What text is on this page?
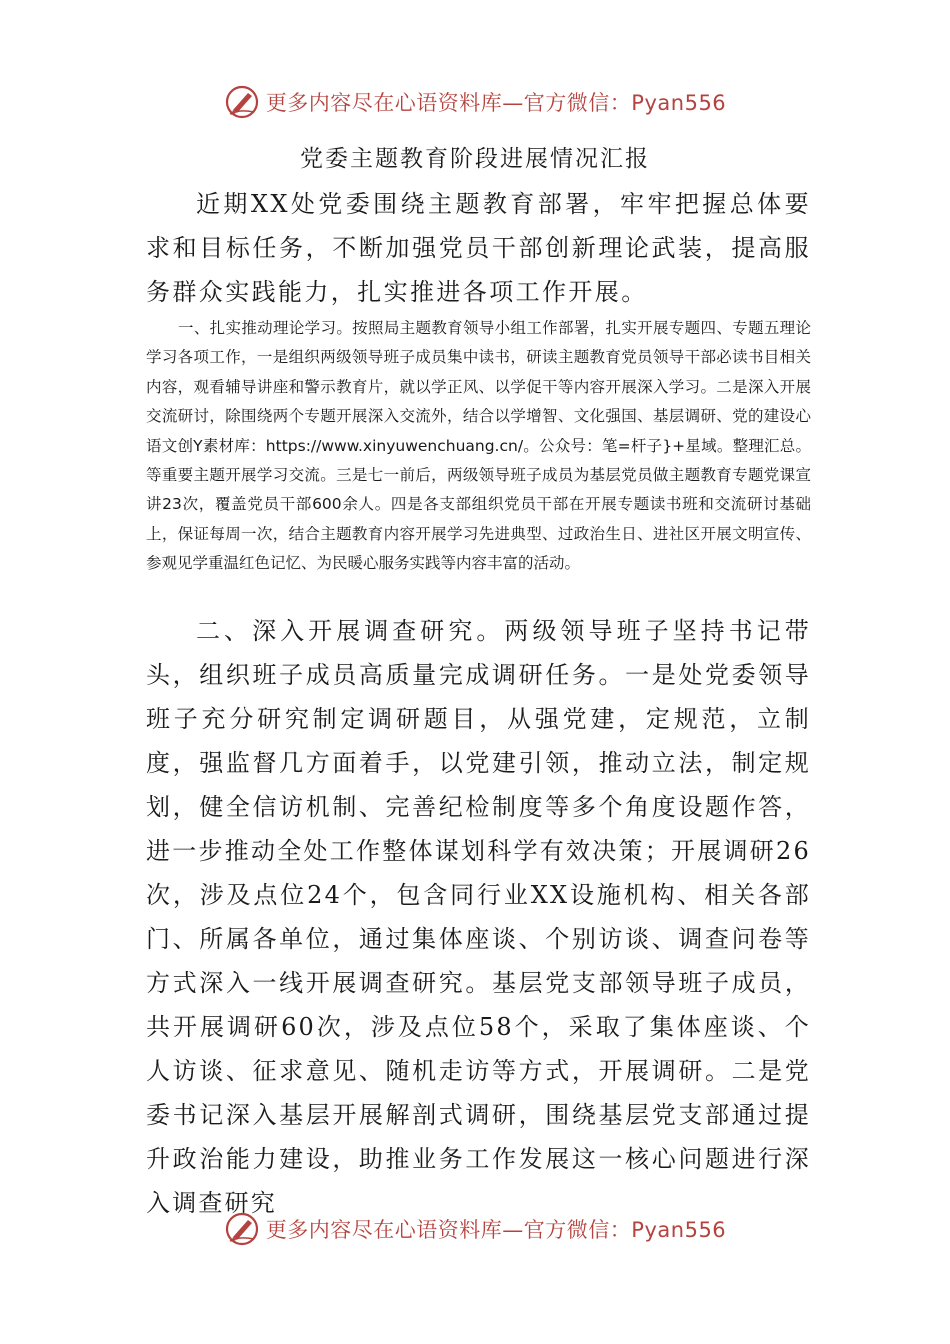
更多内容尽在心语资料库—官方微信：Pyan556
党委主题教育阶段进展情况汇报

近期XX处党委围绕主题教育部署，牢牢把握总体要求和目标任务，不断加强党员干部创新理论武装，提高服务群众实践能力，扎实推进各项工作开展。

一、扎实推动理论学习。按照局主题教育领导小组工作部署，扎实开展专题四、专题五理论学习各项工作，一是组织两级领导班子成员集中读书，研读主题教育党员领导干部必读书目相关内容，观看辅导讲座和警示教育片，就以学正风、以学促干等内容开展深入学习。二是深入开展交流研讨，除围绕两个专题开展深入交流外，结合以学增智、文化强国、基层调研、党的建设心语文创Y素材库：https://www.xinyuwenchuang.cn/。公众号：笔=杆子}+星域。整理汇总。等重要主题开展学习交流。三是七一前后，两级领导班子成员为基层党员做主题教育专题党课宣讲23次，覆盖党员干部600余人。四是各支部组织党员干部在开展专题读书班和交流研讨基础上，保证每周一次，结合主题教育内容开展学习先进典型、过政治生日、进社区开展文明宣传、参观见学重温红色记忆、为民暖心服务实践等内容丰富的活动。

二、深入开展调查研究。两级领导班子坚持书记带头，组织班子成员高质量完成调研任务。一是处党委领导班子充分研究制定调研题目，从强党建，定规范，立制度，强监督几方面着手，以党建引领，推动立法，制定规划，健全信访机制、完善纪检制度等多个角度设题作答，进一步推动全处工作整体谋划科学有效决策；开展调研26次，涉及点位24个，包含同行业XX设施机构、相关各部门、所属各单位，通过集体座谈、个别访谈、调查问卷等方式深入一线开展调查研究。基层党支部领导班子成员，共开展调研60次，涉及点位58个，采取了集体座谈、个人访谈、征求意见、随机走访等方式，开展调研。二是党委书记深入基层开展解剖式调研，围绕基层党支部通过提升政治能力建设，助推业务工作发展这一核心问题进行深入调查研究

更多内容尽在心语资料库—官方微信：Pyan556
